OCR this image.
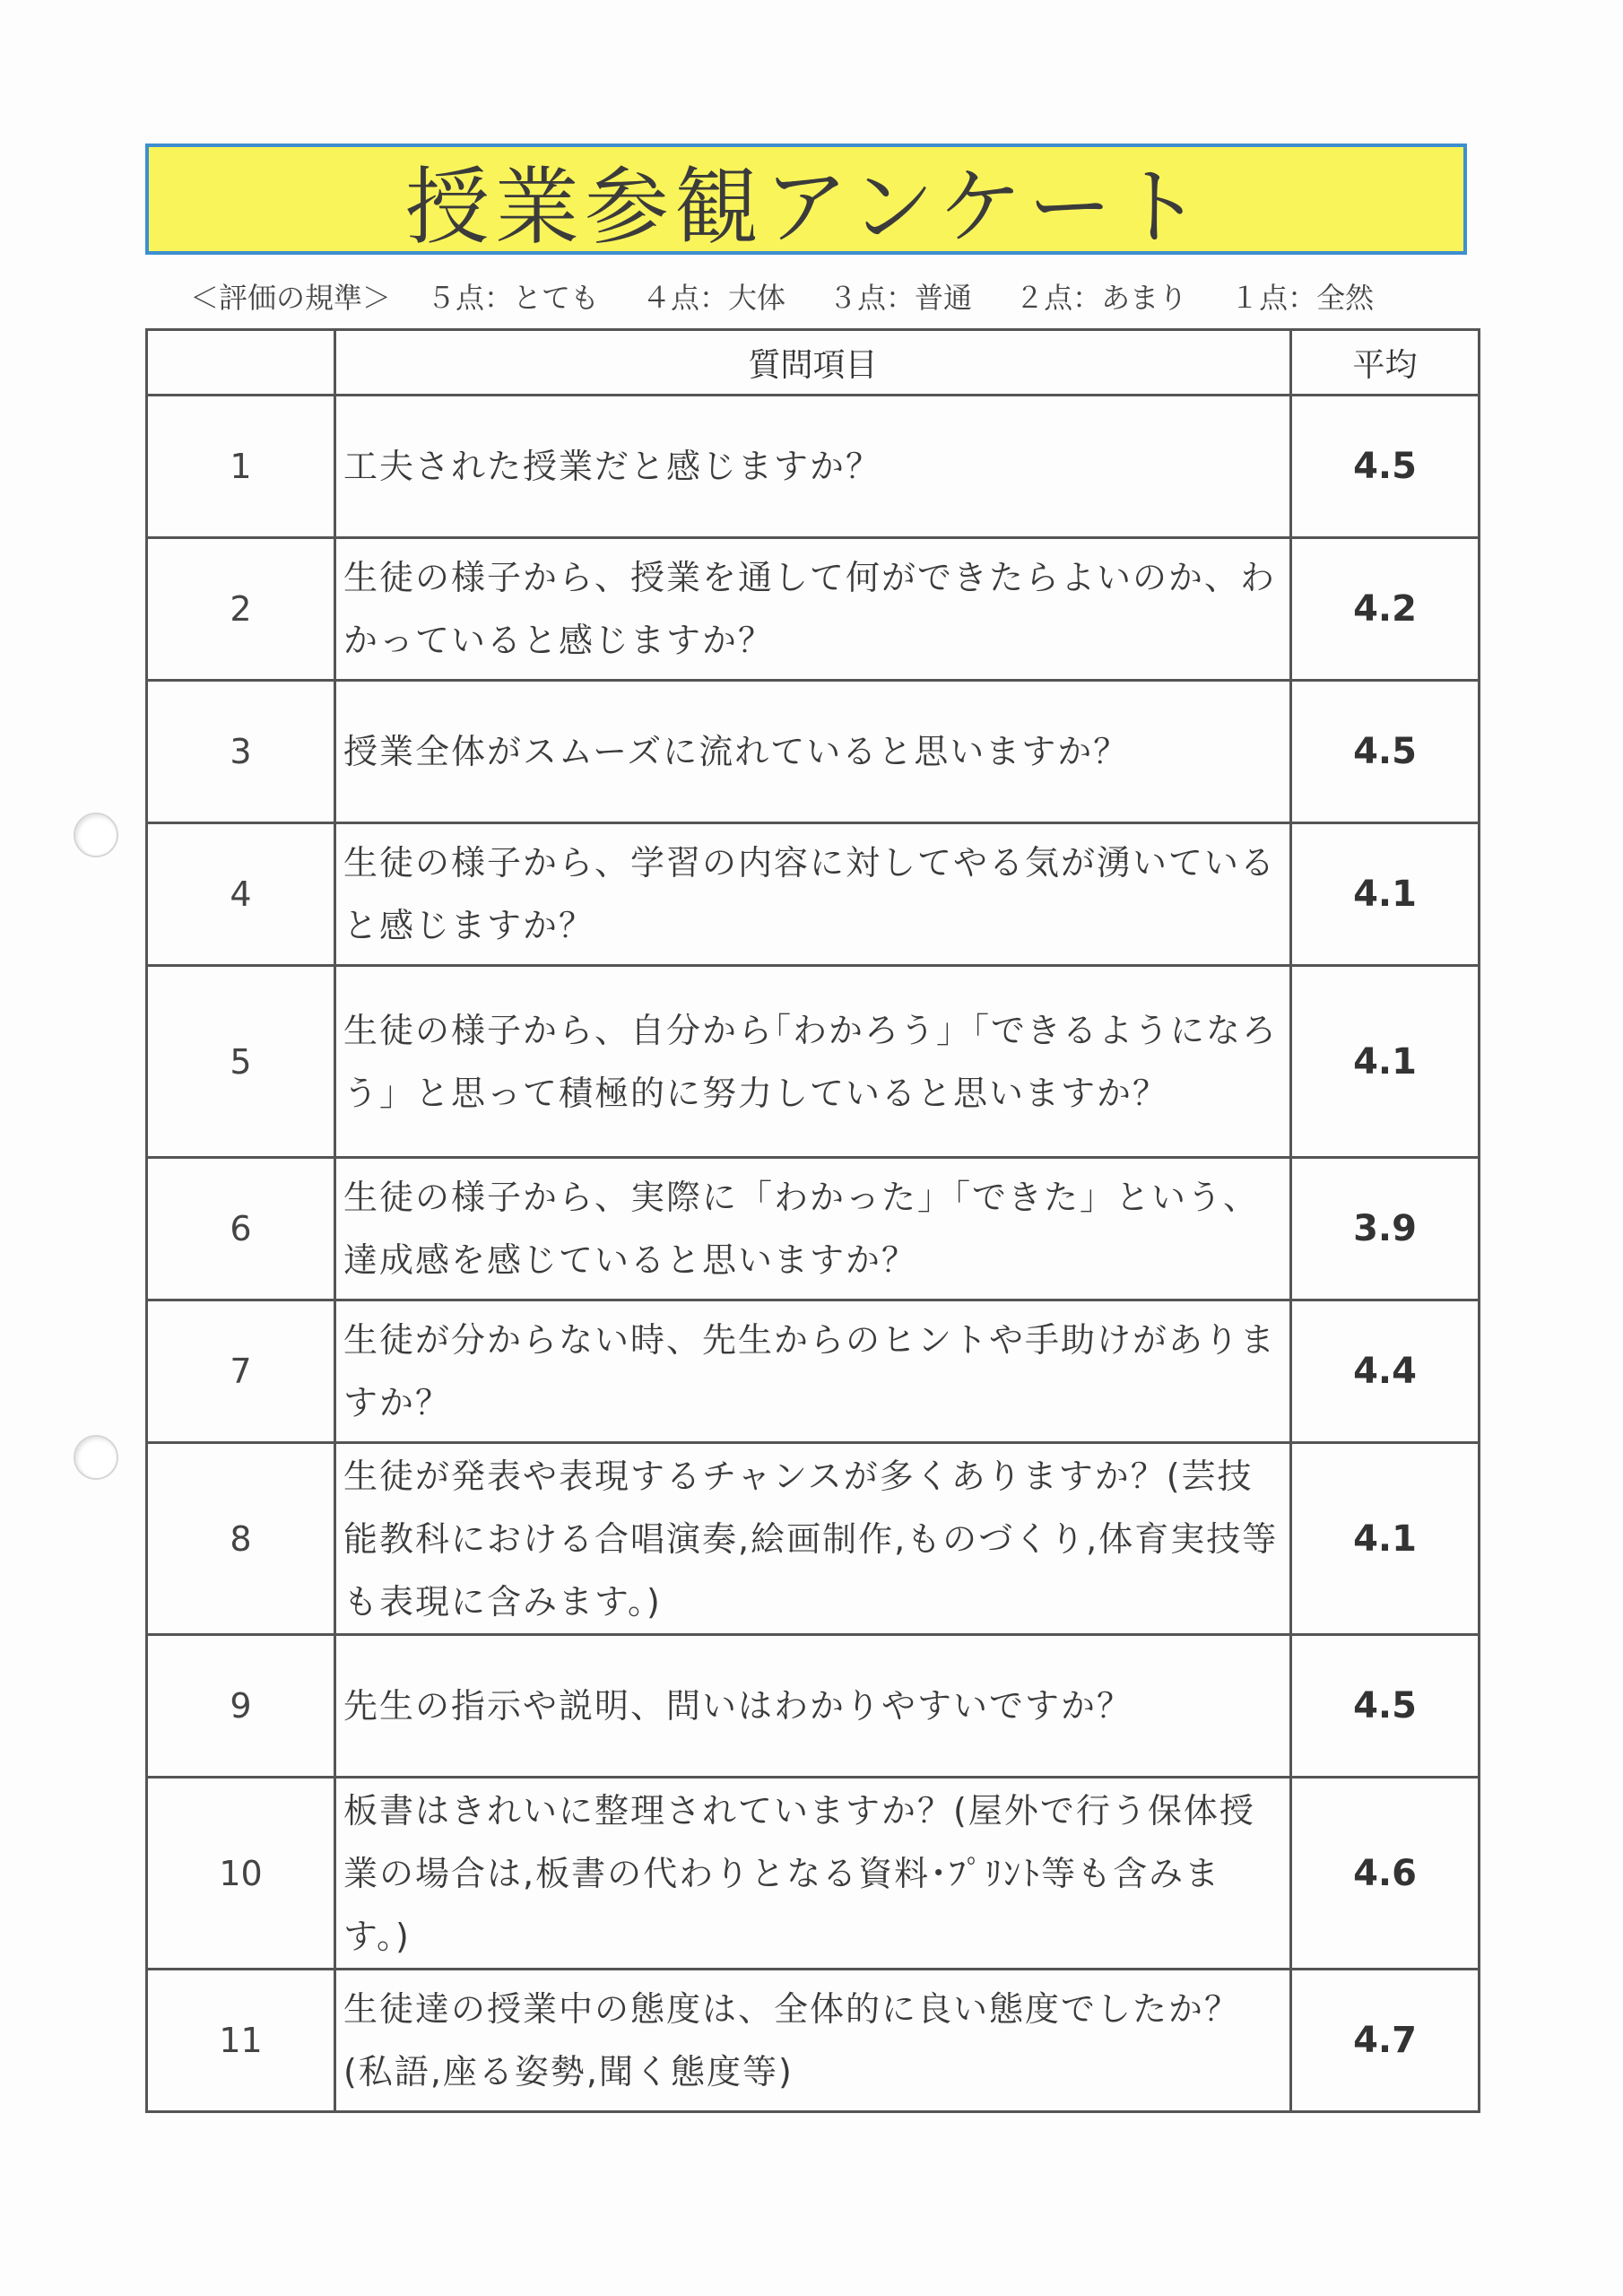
授業参観アンケート
＜評価の規準＞ ５点：とても ４点：大体 ３点：普通 ２点：あまり １点：全然
	質問項目	平均
1	工夫された授業だと感じますか？	4.5
2	生徒の様子から、授業を通して何ができたらよいのか、わかっていると感じますか？	4.2
3	授業全体がスムーズに流れていると思いますか？	4.5
4	生徒の様子から、学習の内容に対してやる気が湧いていると感じますか？	4.1
5	生徒の様子から、自分から｢わかろう｣「できるようになろう」と思って積極的に努力していると思いますか？	4.1
6	生徒の様子から、実際に「わかった」「できた」という、達成感を感じていると思いますか？	3.9
7	生徒が分からない時、先生からのヒントや手助けがありますか？	4.4
8	生徒が発表や表現するチャンスが多くありますか？(芸技能教科における合唱演奏,絵画制作,ものづくり,体育実技等も表現に含みます。)	4.1
9	先生の指示や説明、問いはわかりやすいですか？	4.5
10	板書はきれいに整理されていますか？(屋外で行う保体授業の場合は,板書の代わりとなる資料･ﾌﾟﾘﾝﾄ等も含みます。)	4.6
11	生徒達の授業中の態度は、全体的に良い態度でしたか？(私語,座る姿勢,聞く態度等)	4.7
